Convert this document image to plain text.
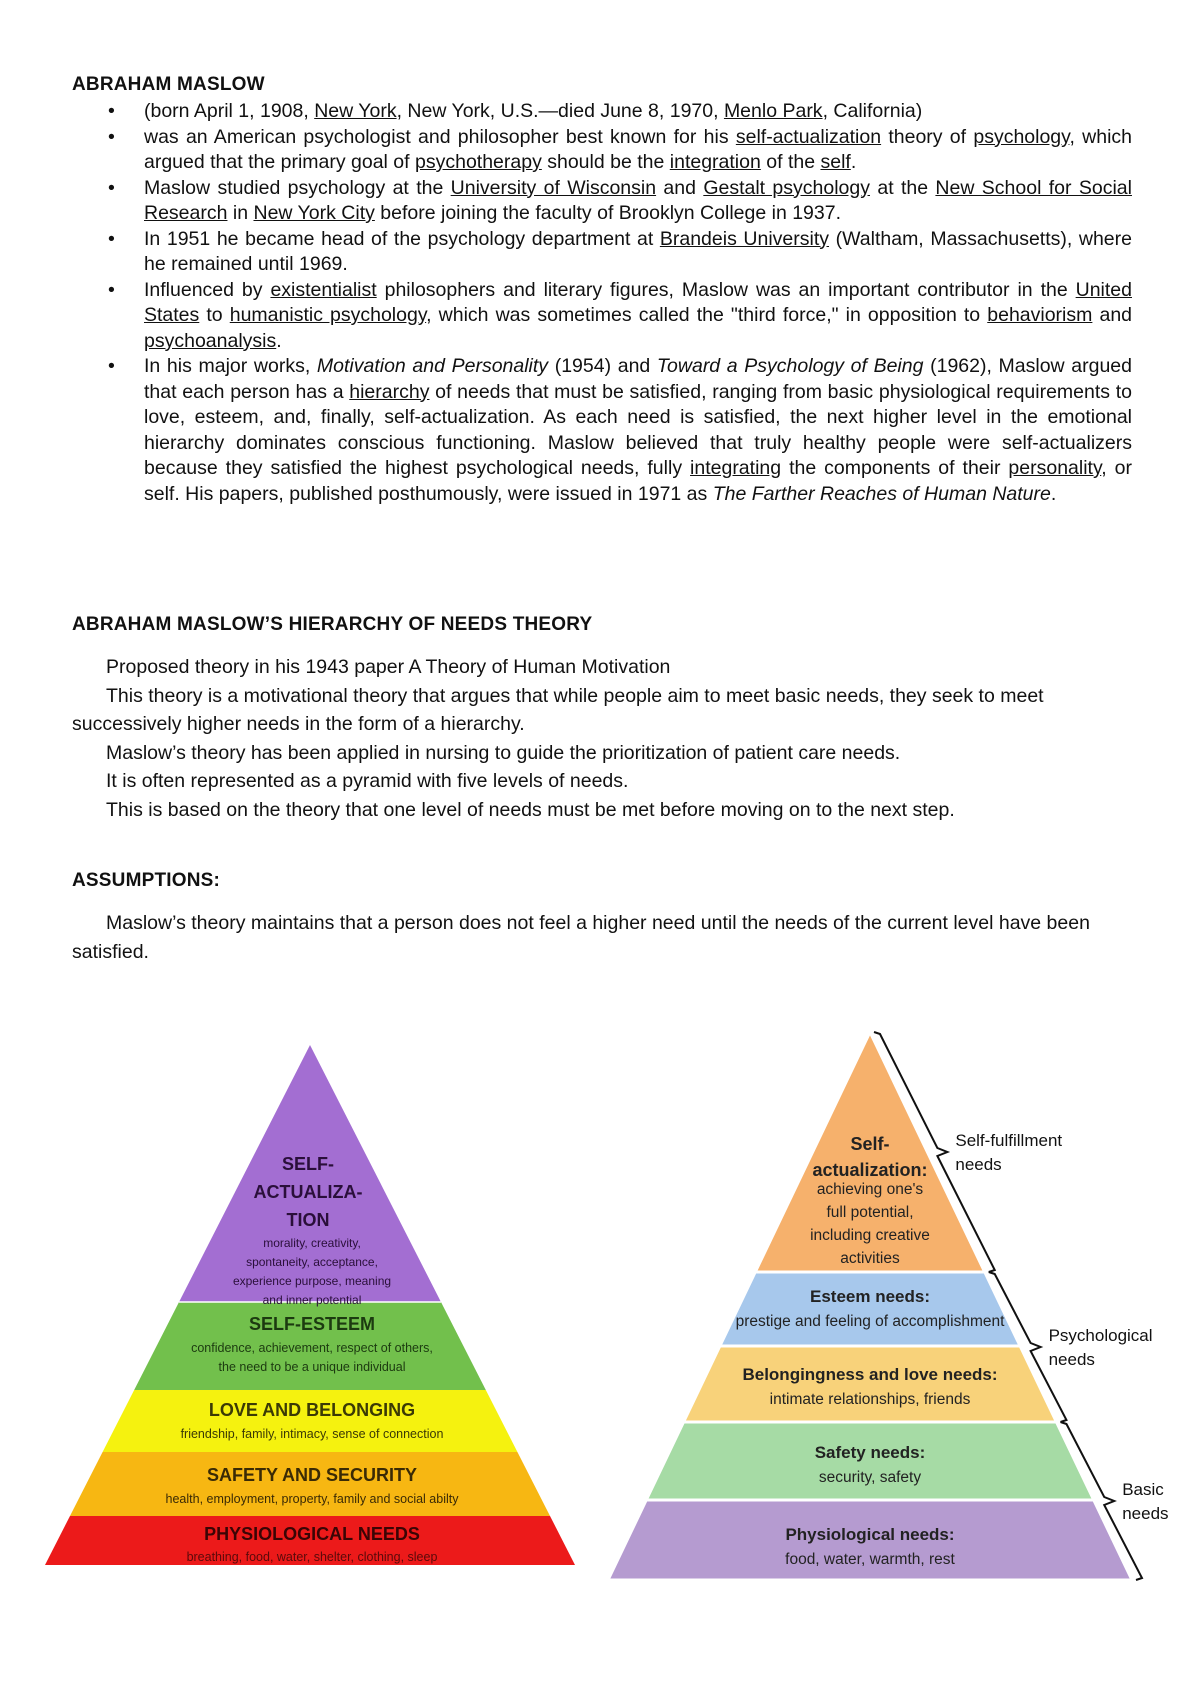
ABRAHAM MASLOW
• (born April 1, 1908, New York, New York, U.S.—died June 8, 1970, Menlo Park, California)
• was an American psychologist and philosopher best known for his self-actualization theory of psychology, which argued that the primary goal of psychotherapy should be the integration of the self.
• Maslow studied psychology at the University of Wisconsin and Gestalt psychology at the New School for Social Research in New York City before joining the faculty of Brooklyn College in 1937.
• In 1951 he became head of the psychology department at Brandeis University (Waltham, Massachusetts), where he remained until 1969.
• Influenced by existentialist philosophers and literary figures, Maslow was an important contributor in the United States to humanistic psychology, which was sometimes called the "third force," in opposition to behaviorism and psychoanalysis.
• In his major works, Motivation and Personality (1954) and Toward a Psychology of Being (1962), Maslow argued that each person has a hierarchy of needs that must be satisfied, ranging from basic physiological requirements to love, esteem, and, finally, self-actualization. As each need is satisfied, the next higher level in the emotional hierarchy dominates conscious functioning. Maslow believed that truly healthy people were self-actualizers because they satisfied the highest psychological needs, fully integrating the components of their personality, or self. His papers, published posthumously, were issued in 1971 as The Farther Reaches of Human Nature.
ABRAHAM MASLOW’S HIERARCHY OF NEEDS THEORY

Proposed theory in his 1943 paper A Theory of Human Motivation

This theory is a motivational theory that argues that while people aim to meet basic needs, they seek to meet successively higher needs in the form of a hierarchy.

Maslow’s theory has been applied in nursing to guide the prioritization of patient care needs.

It is often represented as a pyramid with five levels of needs.

This is based on the theory that one level of needs must be met before moving on to the next step.

ASSUMPTIONS:

Maslow’s theory maintains that a person does not feel a higher need until the needs of the current level have been satisfied.

SELF-
ACTUALIZA-
TION
morality, creativity,
spontaneity, acceptance,
experience purpose, meaning
and inner potential
SELF-ESTEEM
confidence, achievement, respect of others,
the need to be a unique individual
LOVE AND BELONGING
friendship, family, intimacy, sense of connection
SAFETY AND SECURITY
health, employment, property, family and social abilty
PHYSIOLOGICAL NEEDS
breathing, food, water, shelter, clothing, sleep
Self-
actualization:
achieving one's
full potential,
including creative
activities
Esteem needs:
prestige and feeling of accomplishment
Belongingness and love needs:
intimate relationships, friends
Safety needs:
security, safety
Physiological needs:
food, water, warmth, rest
Self-fulfillment
needs
Psychological
needs
Basic
needs
